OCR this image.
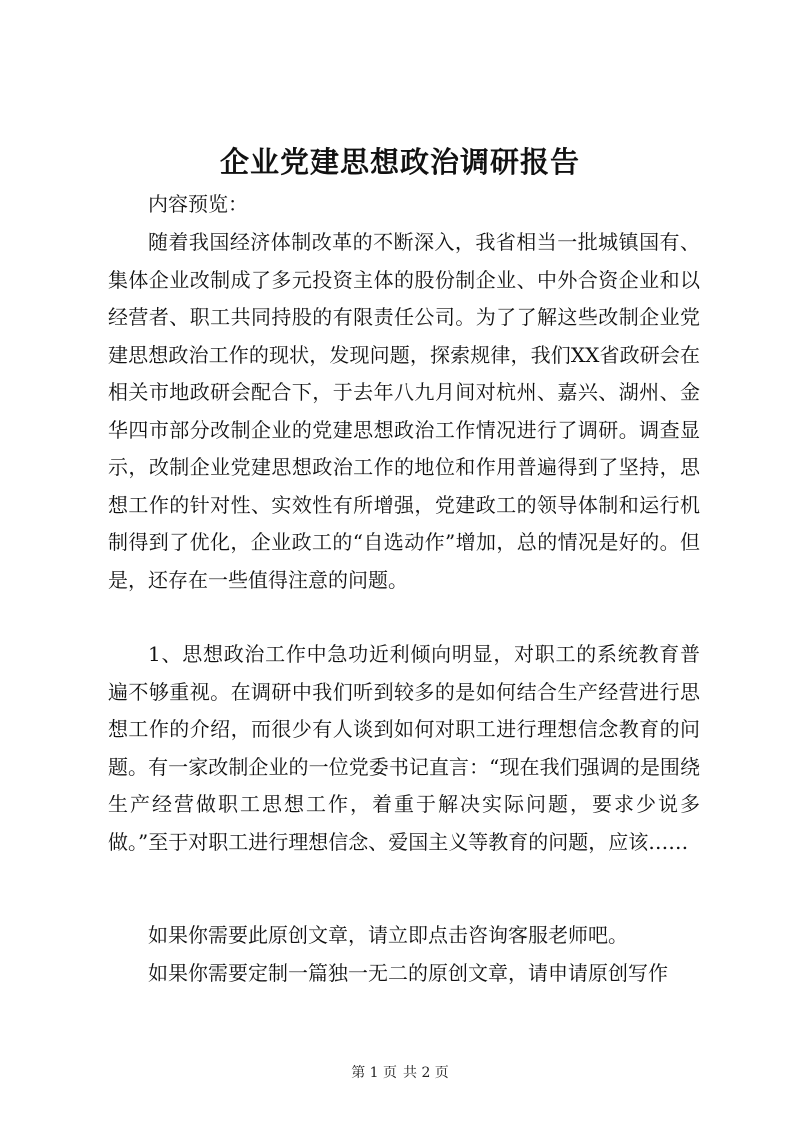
企业党建思想政治调研报告

内容预览：

随着我国经济体制改革的不断深入，我省相当一批城镇国有、集体企业改制成了多元投资主体的股份制企业、中外合资企业和以经营者、职工共同持股的有限责任公司。为了了解这些改制企业党建思想政治工作的现状，发现问题，探索规律，我们XX省政研会在相关市地政研会配合下，于去年八九月间对杭州、嘉兴、湖州、金华四市部分改制企业的党建思想政治工作情况进行了调研。调查显示，改制企业党建思想政治工作的地位和作用普遍得到了坚持，思想工作的针对性、实效性有所增强，党建政工的领导体制和运行机制得到了优化，企业政工的“自选动作”增加，总的情况是好的。但是，还存在一些值得注意的问题。

1、思想政治工作中急功近利倾向明显，对职工的系统教育普遍不够重视。在调研中我们听到较多的是如何结合生产经营进行思想工作的介绍，而很少有人谈到如何对职工进行理想信念教育的问题。有一家改制企业的一位党委书记直言：“现在我们强调的是围绕生产经营做职工思想工作，着重于解决实际问题，要求少说多做。”至于对职工进行理想信念、爱国主义等教育的问题，应该……

如果你需要此原创文章，请立即点击咨询客服老师吧。

如果你需要定制一篇独一无二的原创文章，请申请原创写作

第 1 页 共 2 页
